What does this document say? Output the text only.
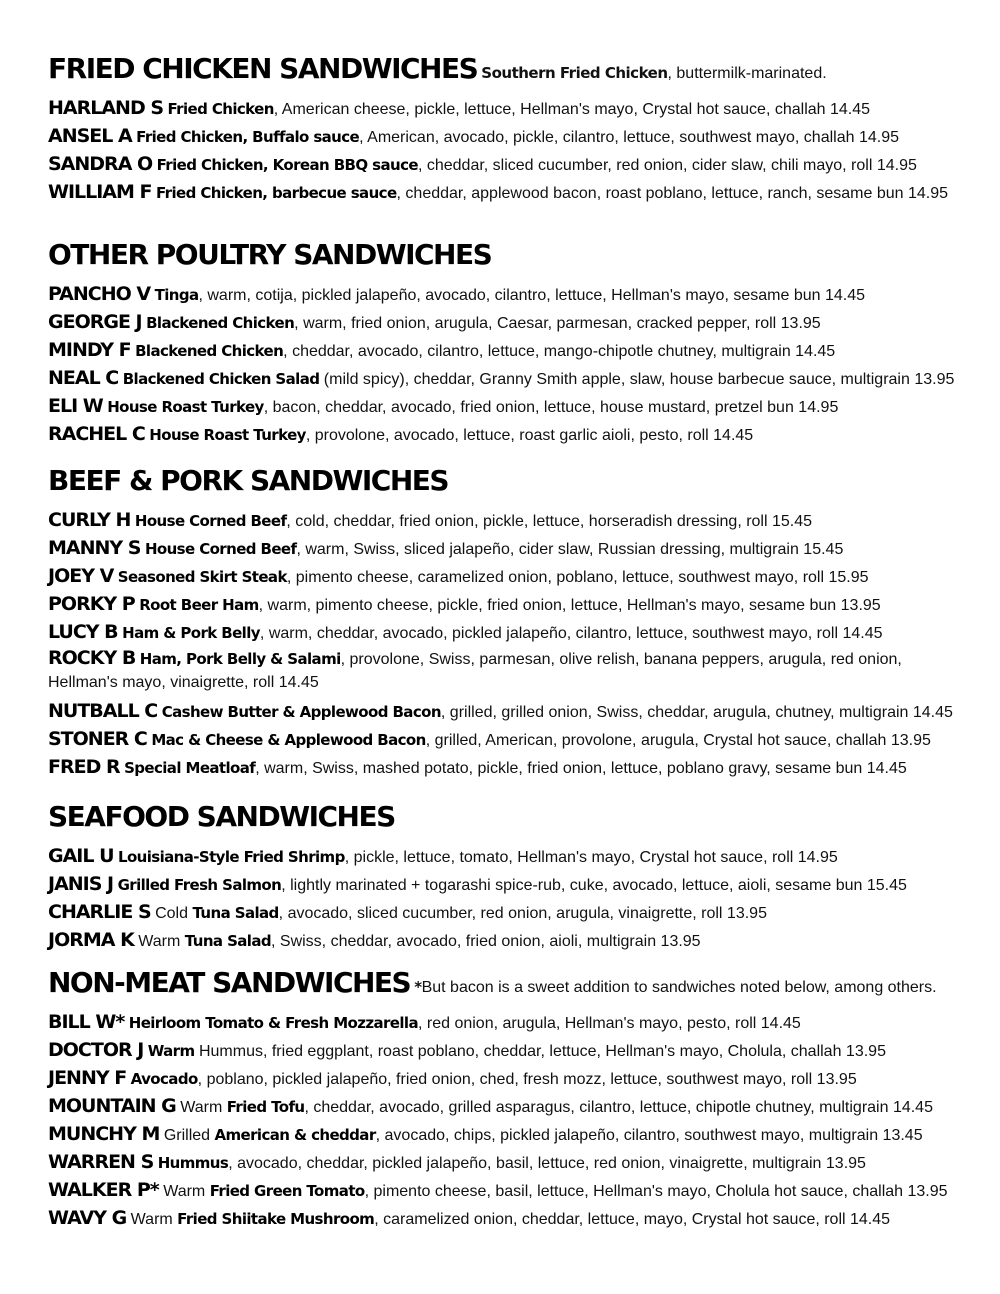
FRIED CHICKEN SANDWICHES Southern Fried Chicken, buttermilk-marinated.
HARLAND S Fried Chicken, American cheese, pickle, lettuce, Hellman's mayo, Crystal hot sauce, challah 14.45
ANSEL A Fried Chicken, Buffalo sauce, American, avocado, pickle, cilantro, lettuce, southwest mayo, challah 14.95
SANDRA O Fried Chicken, Korean BBQ sauce, cheddar, sliced cucumber, red onion, cider slaw, chili mayo, roll 14.95
WILLIAM F Fried Chicken, barbecue sauce, cheddar, applewood bacon, roast poblano, lettuce, ranch, sesame bun 14.95
OTHER POULTRY SANDWICHES
PANCHO V Tinga, warm, cotija, pickled jalapeño, avocado, cilantro, lettuce, Hellman's mayo, sesame bun 14.45
GEORGE J Blackened Chicken, warm, fried onion, arugula, Caesar, parmesan, cracked pepper, roll 13.95
MINDY F Blackened Chicken, cheddar, avocado, cilantro, lettuce, mango-chipotle chutney, multigrain 14.45
NEAL C Blackened Chicken Salad (mild spicy), cheddar, Granny Smith apple, slaw, house barbecue sauce, multigrain 13.95
ELI W House Roast Turkey, bacon, cheddar, avocado, fried onion, lettuce, house mustard, pretzel bun 14.95
RACHEL C House Roast Turkey, provolone, avocado, lettuce, roast garlic aioli, pesto, roll 14.45
BEEF & PORK SANDWICHES
CURLY H House Corned Beef, cold, cheddar, fried onion, pickle, lettuce, horseradish dressing, roll 15.45
MANNY S House Corned Beef, warm, Swiss, sliced jalapeño, cider slaw, Russian dressing, multigrain 15.45
JOEY V Seasoned Skirt Steak, pimento cheese, caramelized onion, poblano, lettuce, southwest mayo, roll 15.95
PORKY P Root Beer Ham, warm, pimento cheese, pickle, fried onion, lettuce, Hellman's mayo, sesame bun 13.95
LUCY B Ham & Pork Belly, warm, cheddar, avocado, pickled jalapeño, cilantro, lettuce, southwest mayo, roll 14.45
ROCKY B Ham, Pork Belly & Salami, provolone, Swiss, parmesan, olive relish, banana peppers, arugula, red onion, Hellman's mayo, vinaigrette, roll 14.45
NUTBALL C Cashew Butter & Applewood Bacon, grilled, grilled onion, Swiss, cheddar, arugula, chutney, multigrain 14.45
STONER C Mac & Cheese & Applewood Bacon, grilled, American, provolone, arugula, Crystal hot sauce, challah 13.95
FRED R Special Meatloaf, warm, Swiss, mashed potato, pickle, fried onion, lettuce, poblano gravy, sesame bun 14.45
SEAFOOD SANDWICHES
GAIL U Louisiana-Style Fried Shrimp, pickle, lettuce, tomato, Hellman's mayo, Crystal hot sauce, roll 14.95
JANIS J Grilled Fresh Salmon, lightly marinated + togarashi spice-rub, cuke, avocado, lettuce, aioli, sesame bun 15.45
CHARLIE S Cold Tuna Salad, avocado, sliced cucumber, red onion, arugula, vinaigrette, roll 13.95
JORMA K Warm Tuna Salad, Swiss, cheddar, avocado, fried onion, aioli, multigrain 13.95
NON-MEAT SANDWICHES *But bacon is a sweet addition to sandwiches noted below, among others.
BILL W* Heirloom Tomato & Fresh Mozzarella, red onion, arugula, Hellman's mayo, pesto, roll 14.45
DOCTOR J Warm Hummus, fried eggplant, roast poblano, cheddar, lettuce, Hellman's mayo, Cholula, challah 13.95
JENNY F Avocado, poblano, pickled jalapeño, fried onion, ched, fresh mozz, lettuce, southwest mayo, roll 13.95
MOUNTAIN G Warm Fried Tofu, cheddar, avocado, grilled asparagus, cilantro, lettuce, chipotle chutney, multigrain 14.45
MUNCHY M Grilled American & cheddar, avocado, chips, pickled jalapeño, cilantro, southwest mayo, multigrain 13.45
WARREN S Hummus, avocado, cheddar, pickled jalapeño, basil, lettuce, red onion, vinaigrette, multigrain 13.95
WALKER P* Warm Fried Green Tomato, pimento cheese, basil, lettuce, Hellman's mayo, Cholula hot sauce, challah 13.95
WAVY G Warm Fried Shiitake Mushroom, caramelized onion, cheddar, lettuce, mayo, Crystal hot sauce, roll 14.45
